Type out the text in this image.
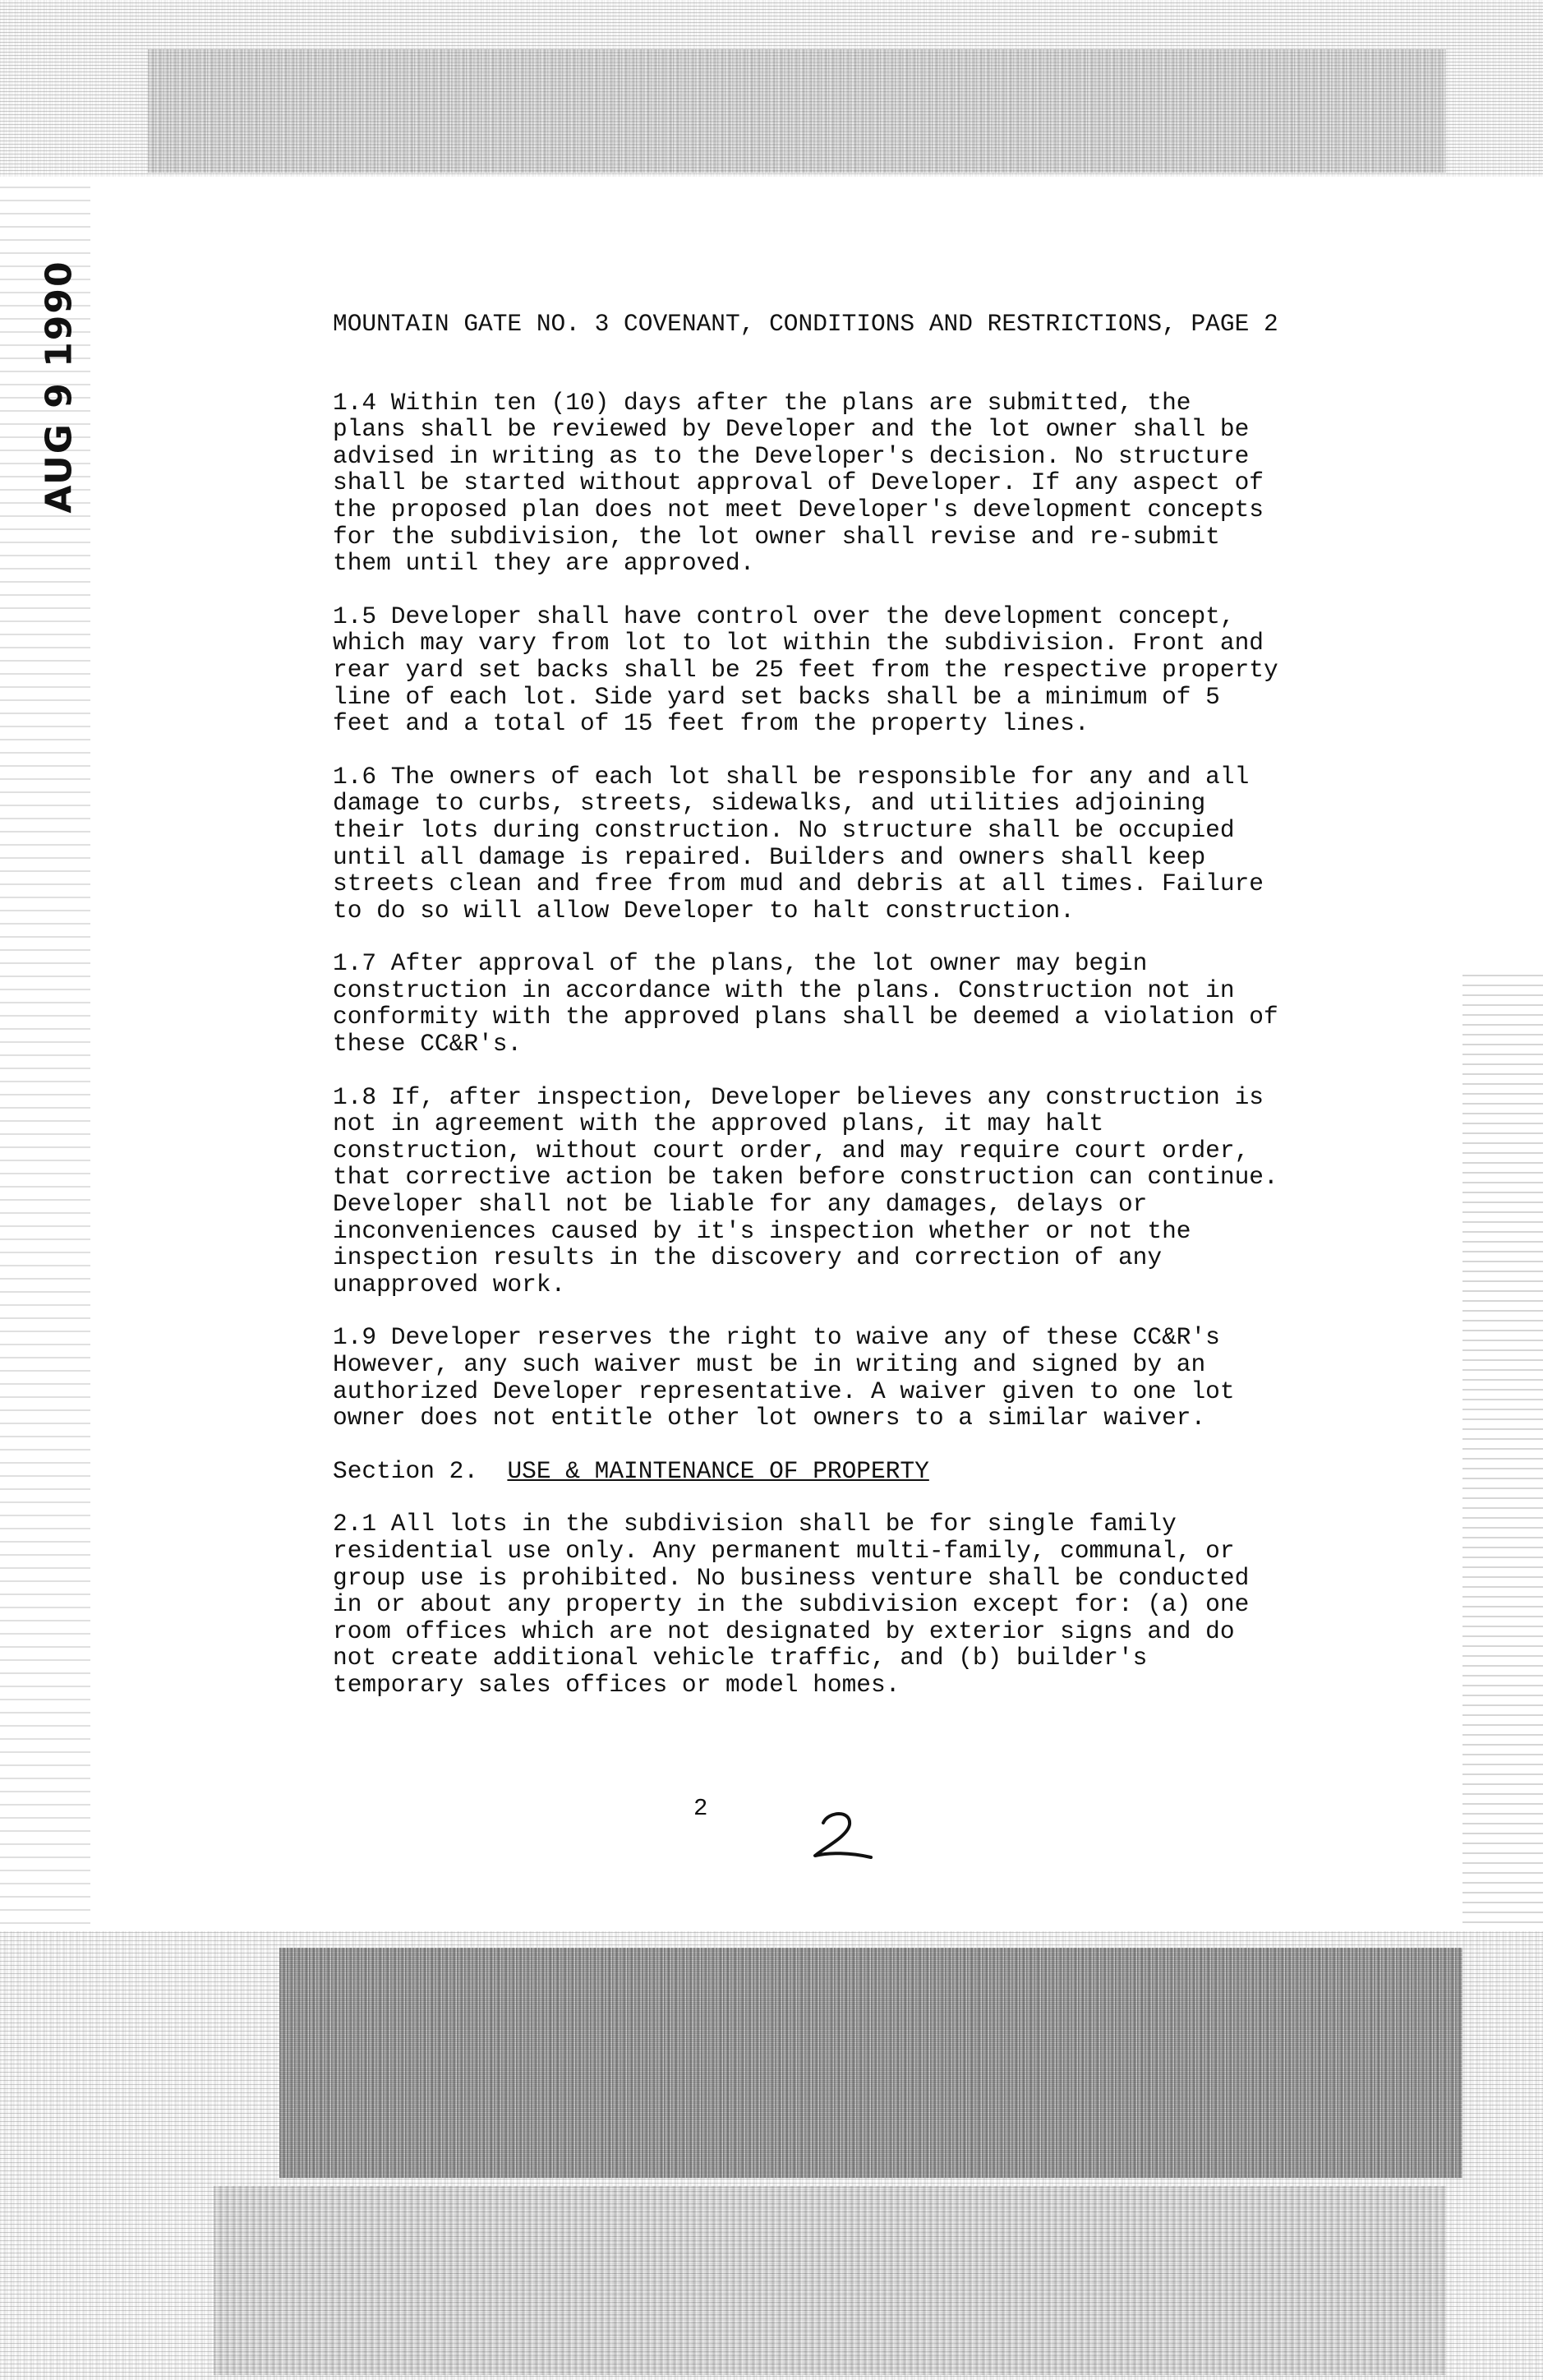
AUG 9 1990	MOUNTAIN GATE NO. 3 COVENANT, CONDITIONS AND RESTRICTIONS, PAGE 2
1.4 Within ten (10) days after the plans are submitted, the
plans shall be reviewed by Developer and the lot owner shall be
advised in writing as to the Developer's decision. No structure
shall be started without approval of Developer. If any aspect of
the proposed plan does not meet Developer's development concepts
for the subdivision, the lot owner shall revise and re-submit
them until they are approved.
1.5 Developer shall have control over the development concept,
which may vary from lot to lot within the subdivision. Front and
rear yard set backs shall be 25 feet from the respective property
line of each lot. Side yard set backs shall be a minimum of 5
feet and a total of 15 feet from the property lines.
1.6 The owners of each lot shall be responsible for any and all
damage to curbs, streets, sidewalks, and utilities adjoining
their lots during construction. No structure shall be occupied
until all damage is repaired. Builders and owners shall keep
streets clean and free from mud and debris at all times. Failure
to do so will allow Developer to halt construction.
1.7 After approval of the plans, the lot owner may begin
construction in accordance with the plans. Construction not in
conformity with the approved plans shall be deemed a violation of
these CC&R's.
1.8 If, after inspection, Developer believes any construction is
not in agreement with the approved plans, it may halt
construction, without court order, and may require court order,
that corrective action be taken before construction can continue.
Developer shall not be liable for any damages, delays or
inconveniences caused by it's inspection whether or not the
inspection results in the discovery and correction of any
unapproved work.
1.9 Developer reserves the right to waive any of these CC&R's
However, any such waiver must be in writing and signed by an
authorized Developer representative. A waiver given to one lot
owner does not entitle other lot owners to a similar waiver.
Section 2. USE & MAINTENANCE OF PROPERTY
2.1 All lots in the subdivision shall be for single family
residential use only. Any permanent multi-family, communal, or
group use is prohibited. No business venture shall be conducted
in or about any property in the subdivision except for: (a) one
room offices which are not designated by exterior signs and do
not create additional vehicle traffic, and (b) builder's
temporary sales offices or model homes.
2
